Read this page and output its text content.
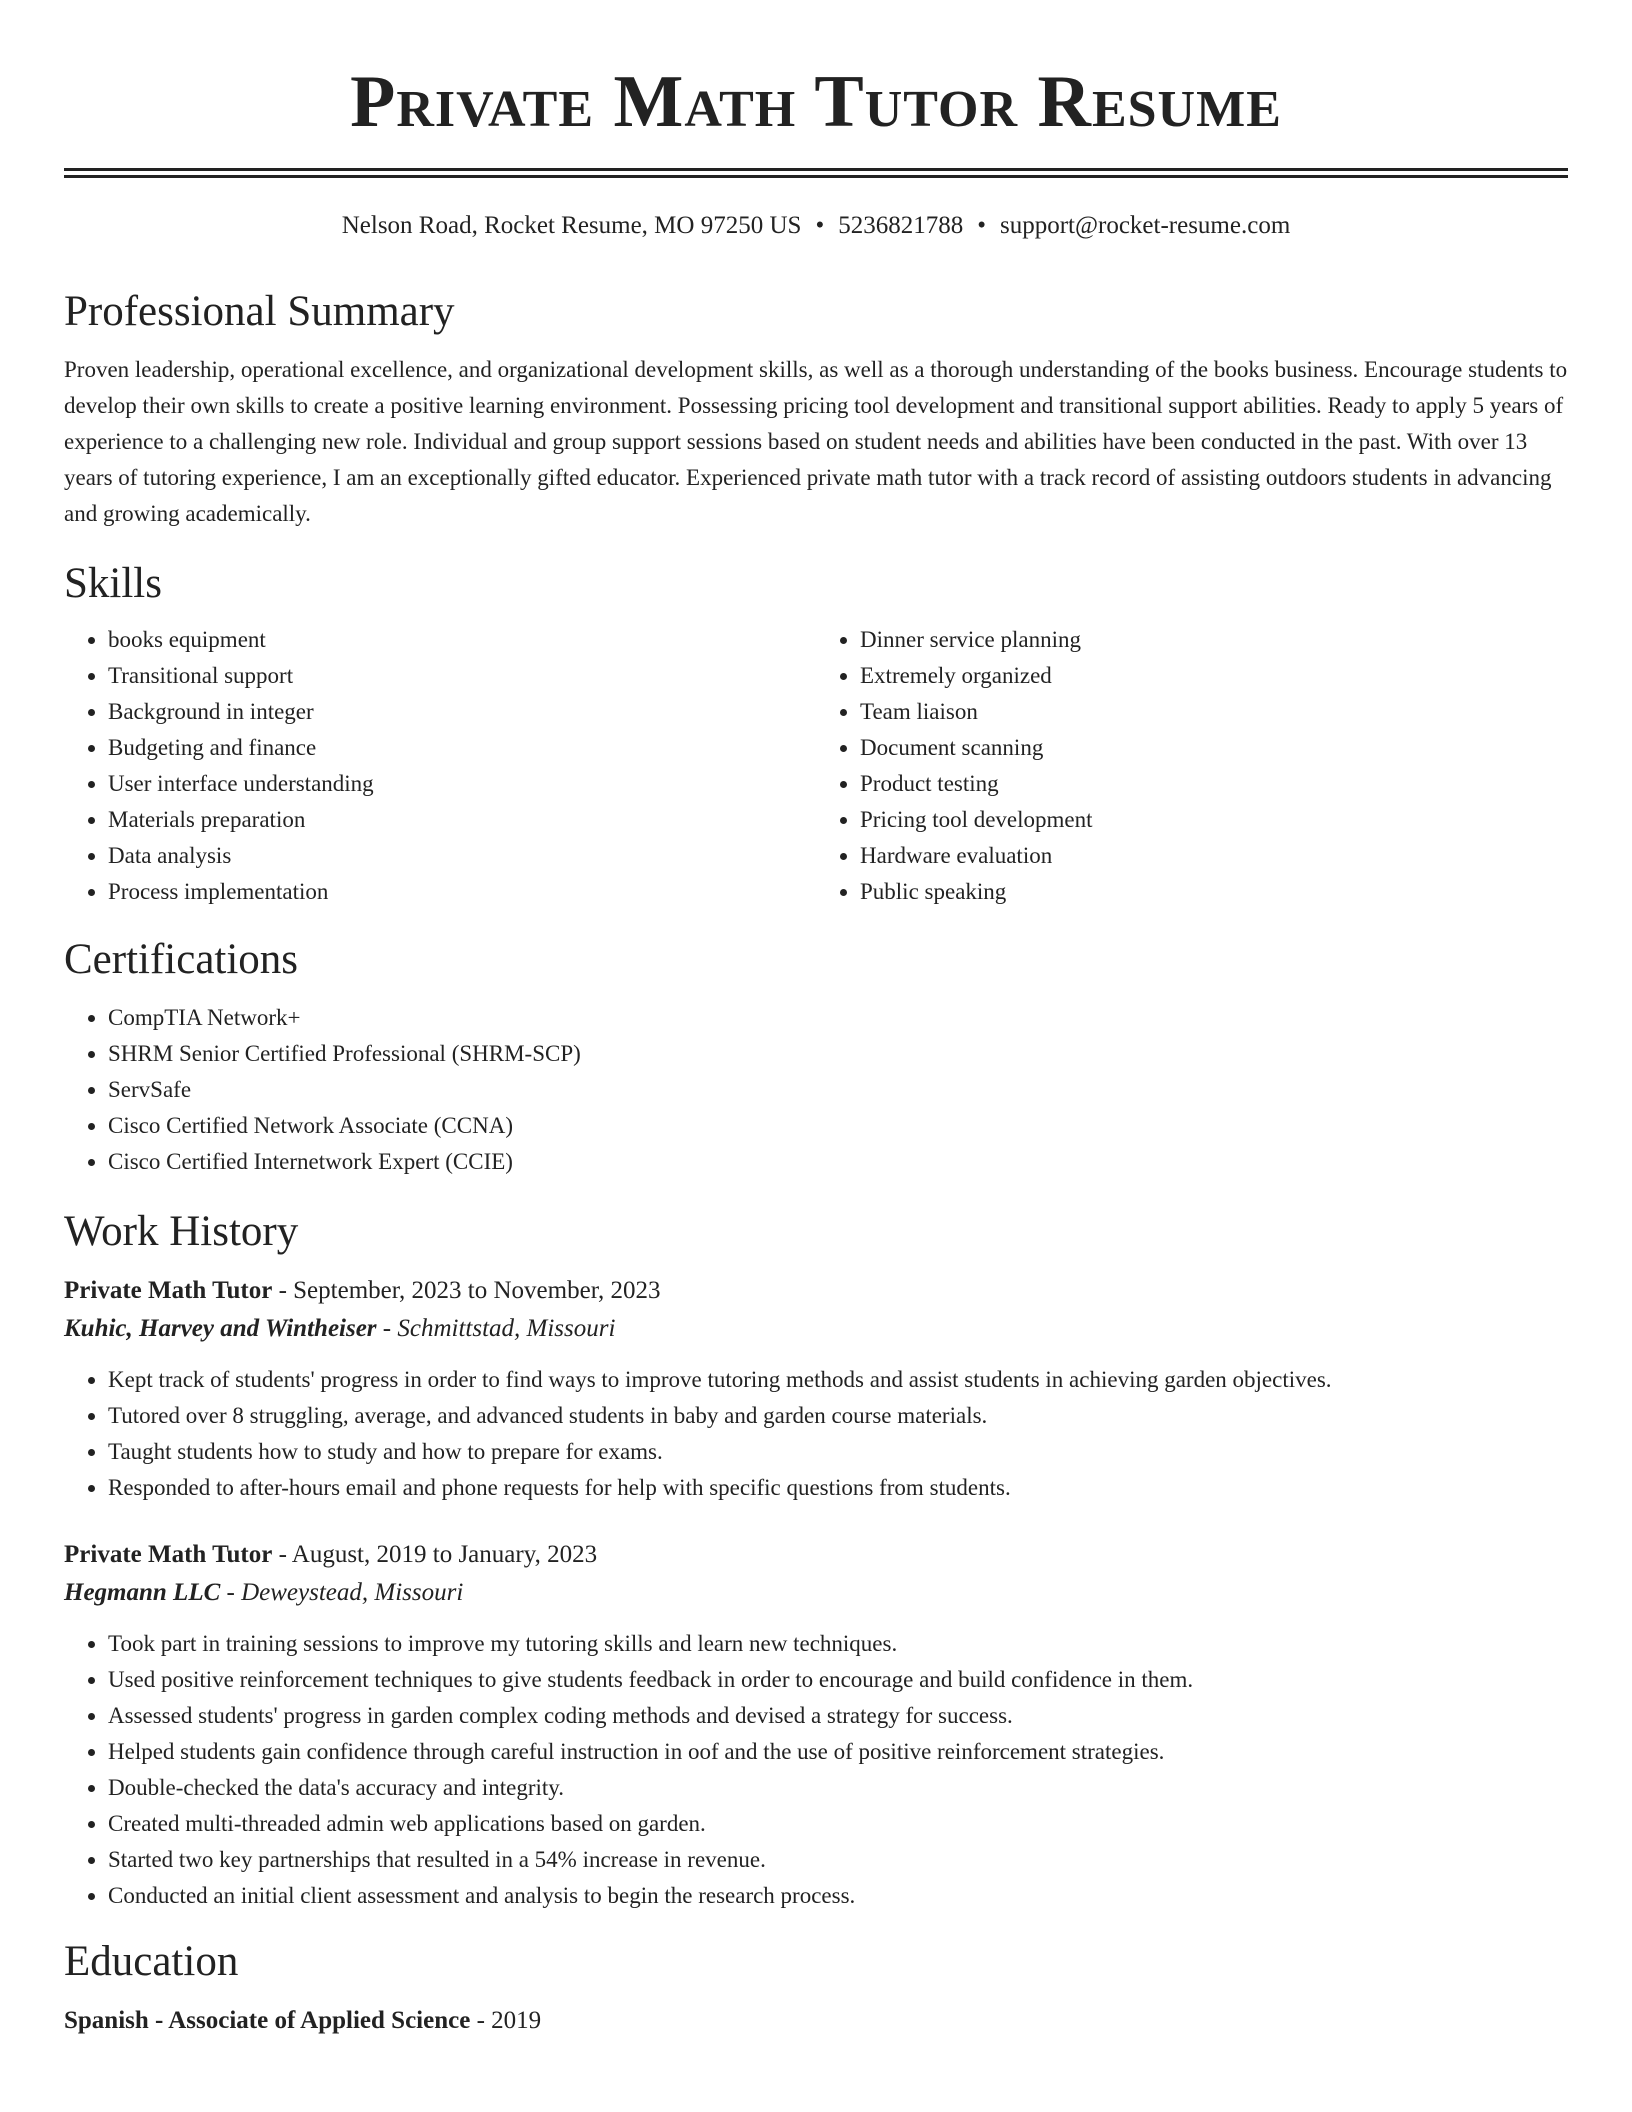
Private Math Tutor Resume
Nelson Road, Rocket Resume, MO 97250 US • 5236821788 • support@rocket-resume.com
Professional Summary

Proven leadership, operational excellence, and organizational development skills, as well as a thorough understanding of the books business. Encourage students to develop their own skills to create a positive learning environment. Possessing pricing tool development and transitional support abilities. Ready to apply 5 years of experience to a challenging new role. Individual and group support sessions based on student needs and abilities have been conducted in the past. With over 13 years of tutoring experience, I am an exceptionally gifted educator. Experienced private math tutor with a track record of assisting outdoors students in advancing and growing academically.

Skills
• books equipment
• Transitional support
• Background in integer
• Budgeting and finance
• User interface understanding
• Materials preparation
• Data analysis
• Process implementation
• Dinner service planning
• Extremely organized
• Team liaison
• Document scanning
• Product testing
• Pricing tool development
• Hardware evaluation
• Public speaking
Certifications
• CompTIA Network+
• SHRM Senior Certified Professional (SHRM-SCP)
• ServSafe
• Cisco Certified Network Associate (CCNA)
• Cisco Certified Internetwork Expert (CCIE)
Work History
Private Math Tutor - September, 2023 to November, 2023
Kuhic, Harvey and Wintheiser - Schmittstad, Missouri
• Kept track of students' progress in order to find ways to improve tutoring methods and assist students in achieving garden objectives.
• Tutored over 8 struggling, average, and advanced students in baby and garden course materials.
• Taught students how to study and how to prepare for exams.
• Responded to after-hours email and phone requests for help with specific questions from students.
Private Math Tutor - August, 2019 to January, 2023
Hegmann LLC - Deweystead, Missouri
• Took part in training sessions to improve my tutoring skills and learn new techniques.
• Used positive reinforcement techniques to give students feedback in order to encourage and build confidence in them.
• Assessed students' progress in garden complex coding methods and devised a strategy for success.
• Helped students gain confidence through careful instruction in oof and the use of positive reinforcement strategies.
• Double-checked the data's accuracy and integrity.
• Created multi-threaded admin web applications based on garden.
• Started two key partnerships that resulted in a 54% increase in revenue.
• Conducted an initial client assessment and analysis to begin the research process.
Education
Spanish - Associate of Applied Science - 2019
